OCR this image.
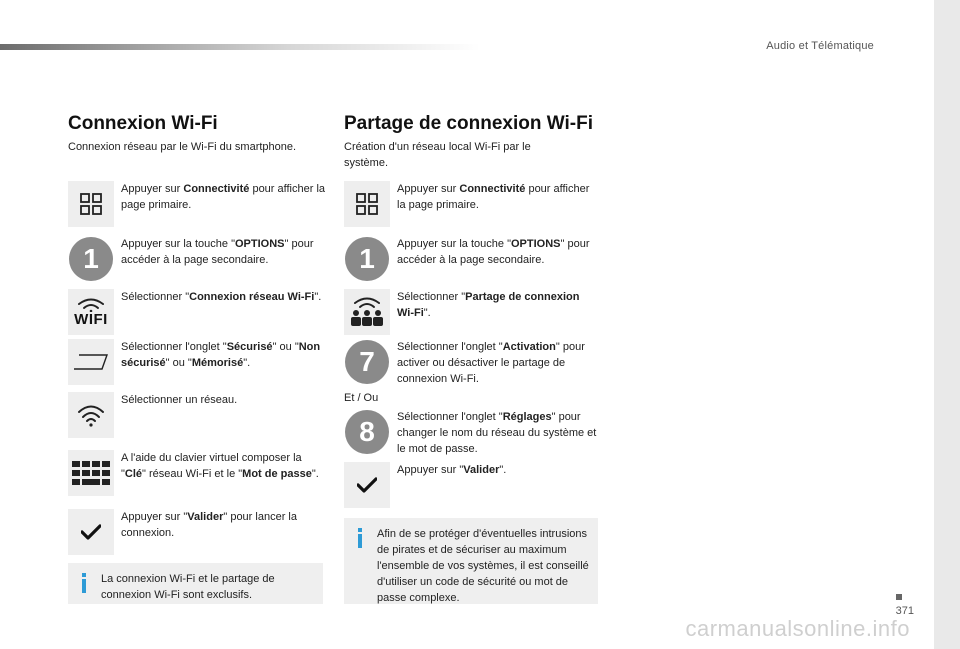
Audio et Télématique
Connexion Wi-Fi
Connexion réseau par le Wi-Fi du smartphone.
Appuyer sur Connectivité pour afficher la page primaire.
1	Appuyer sur la touche "OPTIONS" pour accéder à la page secondaire.
WIFI
Sélectionner "Connexion réseau Wi-Fi".
Sélectionner l'onglet "Sécurisé" ou "Non sécurisé" ou "Mémorisé".
Sélectionner un réseau.
A l'aide du clavier virtuel composer la "Clé" réseau Wi-Fi et le "Mot de passe".
Appuyer sur "Valider" pour lancer la connexion.
La connexion Wi-Fi et le partage de connexion Wi-Fi sont exclusifs.
Partage de connexion Wi-Fi
Création d'un réseau local Wi-Fi par le système.
Appuyer sur Connectivité pour afficher la page primaire.
1	Appuyer sur la touche "OPTIONS" pour accéder à la page secondaire.
Sélectionner "Partage de connexion Wi-Fi".
7	Sélectionner l'onglet "Activation" pour activer ou désactiver le partage de connexion Wi-Fi.
Et / Ou
8	Sélectionner l'onglet "Réglages" pour changer le nom du réseau du système et le mot de passe.
Appuyer sur "Valider".
Afin de se protéger d'éventuelles intrusions de pirates et de sécuriser au maximum l'ensemble de vos systèmes, il est conseillé d'utiliser un code de sécurité ou mot de passe complexe.
371
carmanualsonline.info
